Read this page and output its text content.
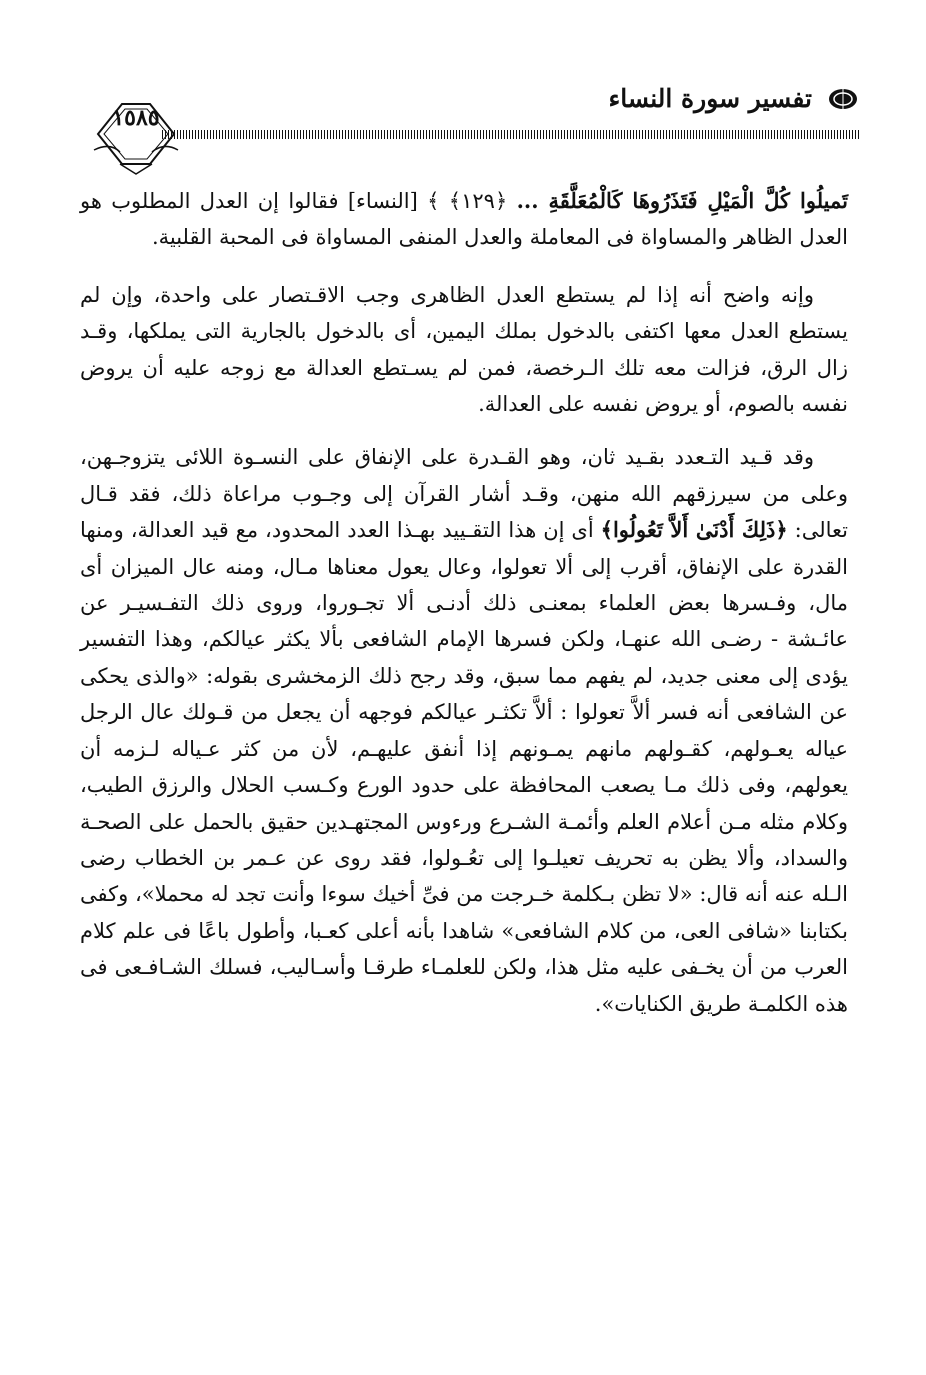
١٥٨٥
تفسير سورة النساء

تَميلُوا كُلَّ الْمَيْلِ فَتَذَرُوهَا كَالْمُعَلَّقَةِ ... ﴿١٢٩﴾ ﴾ [النساء] فقالوا إن العدل المطلوب هو العدل الظاهر والمساواة فى المعاملة والعدل المنفى المساواة فى المحبة القلبية.

وإنه واضح أنه إذا لم يستطع العدل الظاهرى وجب الاقـتصار على واحدة، وإن لم يستطع العدل معها اكتفى بالدخول بملك اليمين، أى بالدخول بالجارية التى يملكها، وقـد زال الرق، فزالت معه تلك الـرخصة، فمن لم يسـتطع العدالة مع زوجه عليه أن يروض نفسه بالصوم، أو يروض نفسه على العدالة.

وقد قـيد التـعدد بقـيد ثان، وهو القـدرة على الإنفاق على النسـوة اللائى يتزوجـهن، وعلى من سيرزقهم الله منهن، وقـد أشار القرآن إلى وجـوب مراعاة ذلك، فقد قـال تعالى: ﴿ذَلِكَ أَدْنَىٰ أَلاَّ تَعُولُوا﴾ أى إن هذا التقـييد بهـذا العدد المحدود، مع قيد العدالة، ومنها القدرة على الإنفاق، أقرب إلى ألا تعولوا، وعال يعول معناها مـال، ومنه عال الميزان أى مال، وفـسرها بعض العلماء بمعنـى ذلك أدنـى ألا تجـوروا، وروى ذلك التفـسيـر عن عائـشة - رضـى الله عنهـا، ولكن فسرها الإمام الشافعى بألا يكثر عيالكم، وهذا التفسير يؤدى إلى معنى جديد، لم يفهم مما سبق، وقد رجح ذلك الزمخشرى بقوله: «والذى يحكى عن الشافعى أنه فسر ألاَّ تعولوا : ألاَّ تكثـر عيالكم فوجهه أن يجعل من قـولك عال الرجل عياله يعـولهم، كقـولهم مانهم يمـونهم إذا أنفق عليهـم، لأن من كثر عـياله لـزمه أن يعولهم، وفى ذلك مـا يصعب المحافظة على حدود الورع وكـسب الحلال والرزق الطيب، وكلام مثله مـن أعلام العلم وأئمـة الشـرع ورءوس المجتهـدين حقيق بالحمل على الصحـة والسداد، وألا يظن به تحريف تعيلـوا إلى تعُـولوا، فقد روى عن عـمر بن الخطاب رضى الـله عنه أنه قال: «لا تظن بـكلمة خـرجت من فىِّ أخيك سوءا وأنت تجد له محملا»، وكفى بكتابنا «شافى العى، من كلام الشافعى» شاهدا بأنه أعلى كعـبا، وأطول باعًا فى علم كلام العرب من أن يخـفى عليه مثل هذا، ولكن للعلمـاء طرقـا وأسـاليب، فسلك الشـافـعى فى هذه الكلمـة طريق الكنايات».
